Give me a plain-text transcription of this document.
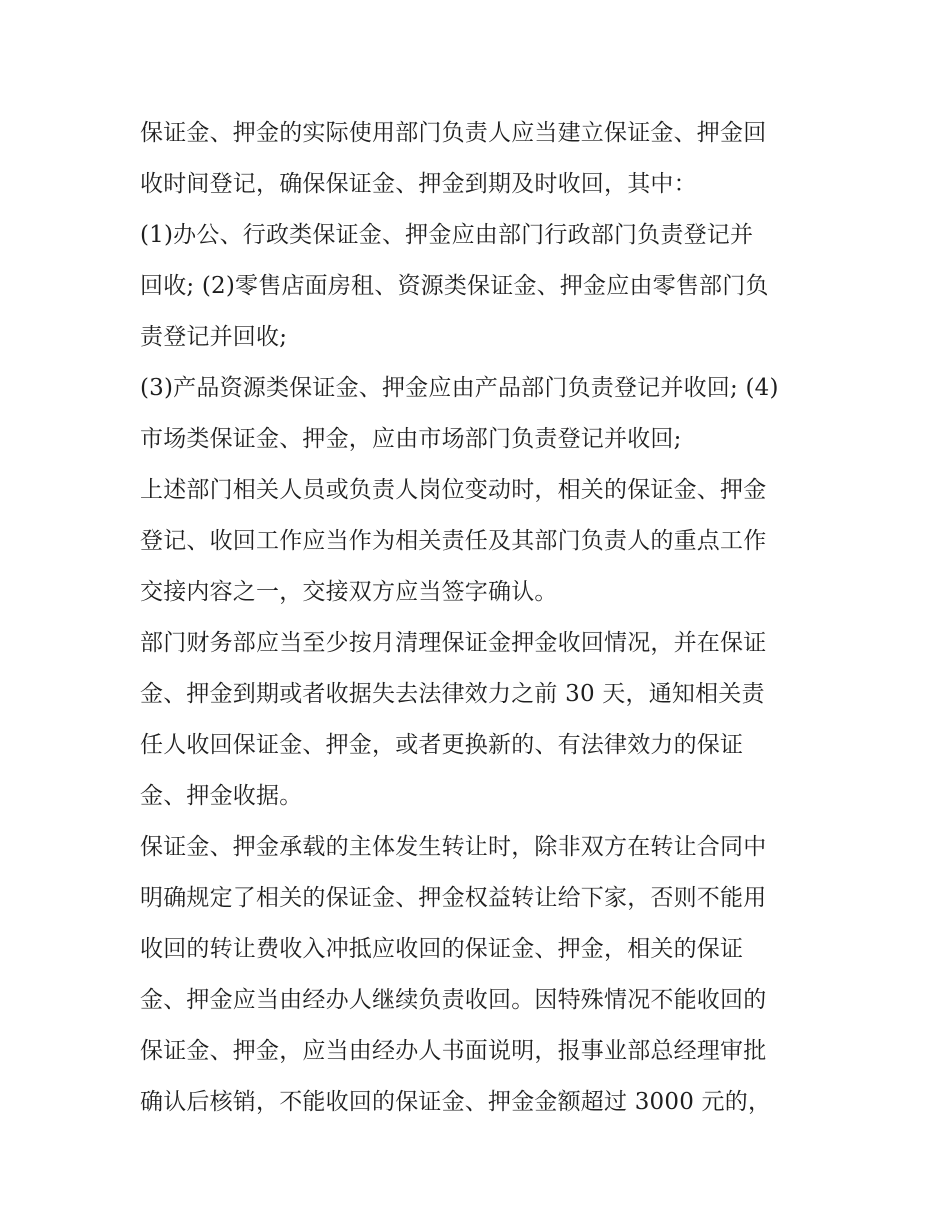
保证金、押金的实际使用部门负责人应当建立保证金、押金回
收时间登记，确保保证金、押金到期及时收回，其中：
(1)办公、行政类保证金、押金应由部门行政部门负责登记并
回收; (2)零售店面房租、资源类保证金、押金应由零售部门负
责登记并回收;
(3)产品资源类保证金、押金应由产品部门负责登记并收回; (4)
市场类保证金、押金，应由市场部门负责登记并收回;
上述部门相关人员或负责人岗位变动时，相关的保证金、押金
登记、收回工作应当作为相关责任及其部门负责人的重点工作
交接内容之一，交接双方应当签字确认。
部门财务部应当至少按月清理保证金押金收回情况，并在保证
金、押金到期或者收据失去法律效力之前 30 天，通知相关责
任人收回保证金、押金，或者更换新的、有法律效力的保证
金、押金收据。
保证金、押金承载的主体发生转让时，除非双方在转让合同中
明确规定了相关的保证金、押金权益转让给下家，否则不能用
收回的转让费收入冲抵应收回的保证金、押金，相关的保证
金、押金应当由经办人继续负责收回。因特殊情况不能收回的
保证金、押金，应当由经办人书面说明，报事业部总经理审批
确认后核销，不能收回的保证金、押金金额超过 3000 元的，
